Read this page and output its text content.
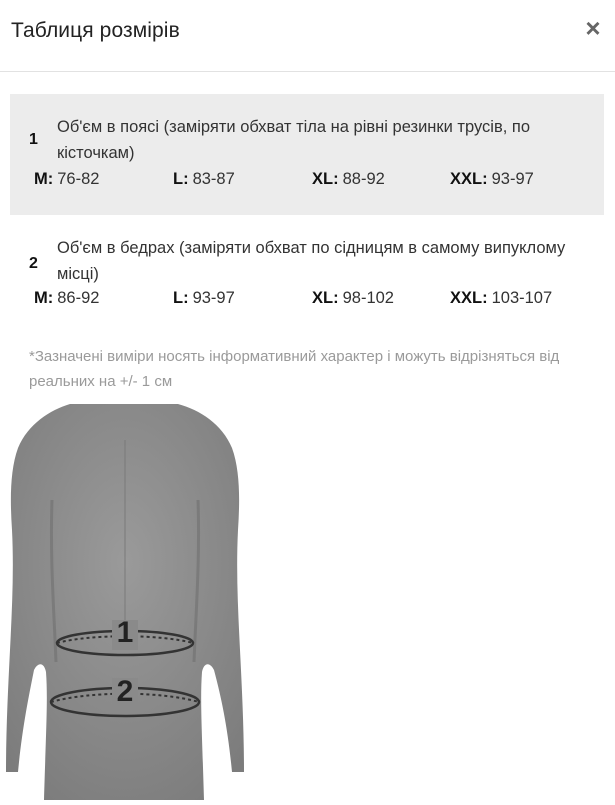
Таблиця розмірів	×
1
Об'єм в поясі (заміряти обхват тіла на рівні резинки трусів, по кісточкам)
M: 76-82	L: 83-87	XL: 88-92	XXL: 93-97
2
Об'єм в бедрах (заміряти обхват по сідницям в самому випуклому місці)
M: 86-92	L: 93-97	XL: 98-102	XXL: 103-107
*Зазначені виміри носять інформативний характер і можуть відрізняться від реальних на +/- 1 см
1
2
